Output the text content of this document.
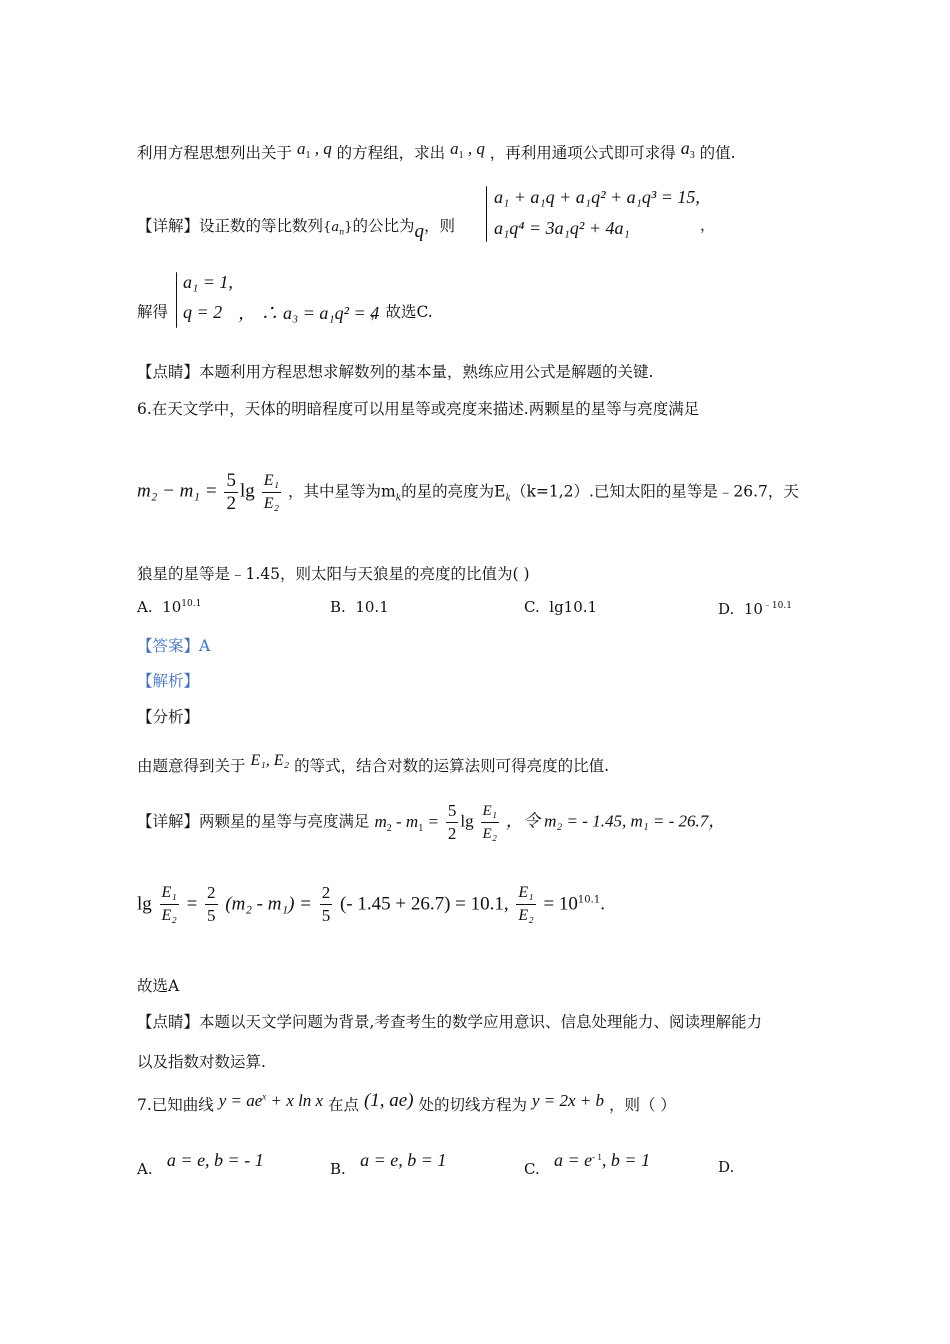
利用方程思想列出关于 $a_1$ , q 的方程组，求出 $a_1$ , q ，再利用通项公式即可求得 $a_3$ 的值.
【详解】设正数的等比数列$\{a_n\}$的公比为q，则
a₁ + a₁q + a₁q² + a₁q³ = 15,
a₁q⁴ = 3a₁q² + 4a₁	，
解得
a₁ = 1,
q = 2 ， ∴ a₃ = a₁q² = 4
，故选C.
【点睛】本题利用方程思想求解数列的基本量，熟练应用公式是解题的关键.
6.在天文学中，天体的明暗程度可以用星等或亮度来描述.两颗星的星等与亮度满足
$m_2 - m_1 = \frac{5}{2}$ $\lg \frac{\text{E₁}}{\text{E₂}}$ ，其中星等为$m_k$的星的亮度为$E_k(k=1,2)$.已知太阳的星等是﹣26.7，天
狼星的星等是﹣1.45，则太阳与天狼星的亮度的比值为( )
A. $10^{10.1}$	B. 10.1	C. lg10.1	D. $10^{﹣10.1}$
【答案】A
【解析】
【分析】
由题意得到关于 E₁, E₂ 的等式，结合对数的运算法则可得亮度的比值.
【详解】两颗星的星等与亮度满足 $m_2 - m_1 = \frac{5}{2}$ $\lg \frac{\text{E₁}}{\text{E₂}}$ ，令 m₂ = - 1.45, m₁ = - 26.7，
$\lg \frac{\text{E₁}}{\text{E₂}} = \frac{2}{5} (m_2 - m_1) = \frac{2}{5}$ (- 1.45 + 26.7) = 10.1, $\frac{\text{E₁}}{\text{E₂}} = 10^{10.1}$.
故选A
【点睛】本题以天文学问题为背景,考查考生的数学应用意识、信息处理能力、阅读理解能力
以及指数对数运算.
7.已知曲线 $y = ae^x + x$ ln x 在点 (1, ae) 处的切线方程为 y = 2x + b ，则（ ）
A. a = e, b = - 1	B. a = e, b = 1	C. $a = e^{- 1}$, b = 1	D.
